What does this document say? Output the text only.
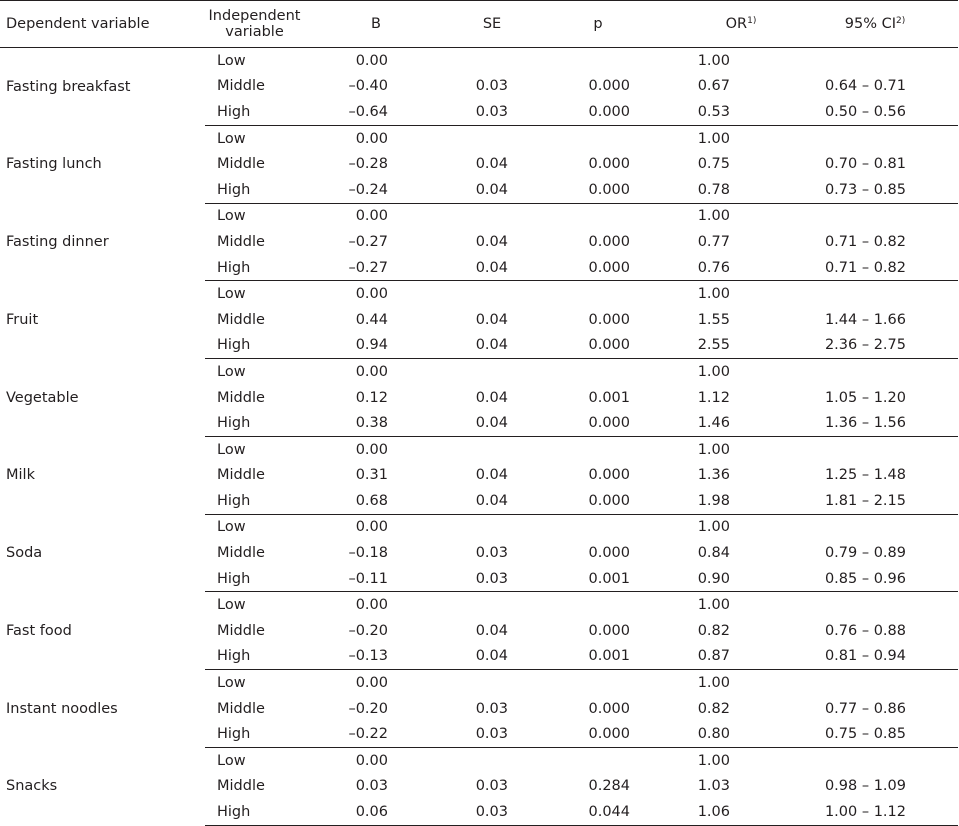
Dependent variable	Independent variable	B	SE	p	OR$^{1)}$	95% CI$^{2)}$
Fasting breakfast	Low	0.00			1.00	
	Middle	–0.40	0.03	0.000	0.67	0.64 – 0.71
	High	–0.64	0.03	0.000	0.53	0.50 – 0.56
Fasting lunch	Low	0.00			1.00	
	Middle	–0.28	0.04	0.000	0.75	0.70 – 0.81
	High	–0.24	0.04	0.000	0.78	0.73 – 0.85
Fasting dinner	Low	0.00			1.00	
	Middle	–0.27	0.04	0.000	0.77	0.71 – 0.82
	High	–0.27	0.04	0.000	0.76	0.71 – 0.82
Fruit	Low	0.00			1.00	
	Middle	0.44	0.04	0.000	1.55	1.44 – 1.66
	High	0.94	0.04	0.000	2.55	2.36 – 2.75
Vegetable	Low	0.00			1.00	
	Middle	0.12	0.04	0.001	1.12	1.05 – 1.20
	High	0.38	0.04	0.000	1.46	1.36 – 1.56
Milk	Low	0.00			1.00	
	Middle	0.31	0.04	0.000	1.36	1.25 – 1.48
	High	0.68	0.04	0.000	1.98	1.81 – 2.15
Soda	Low	0.00			1.00	
	Middle	–0.18	0.03	0.000	0.84	0.79 – 0.89
	High	–0.11	0.03	0.001	0.90	0.85 – 0.96
Fast food	Low	0.00			1.00	
	Middle	–0.20	0.04	0.000	0.82	0.76 – 0.88
	High	–0.13	0.04	0.001	0.87	0.81 – 0.94
Instant noodles	Low	0.00			1.00	
	Middle	–0.20	0.03	0.000	0.82	0.77 – 0.86
	High	–0.22	0.03	0.000	0.80	0.75 – 0.85
Snacks	Low	0.00			1.00	
	Middle	0.03	0.03	0.284	1.03	0.98 – 1.09
	High	0.06	0.03	0.044	1.06	1.00 – 1.12
